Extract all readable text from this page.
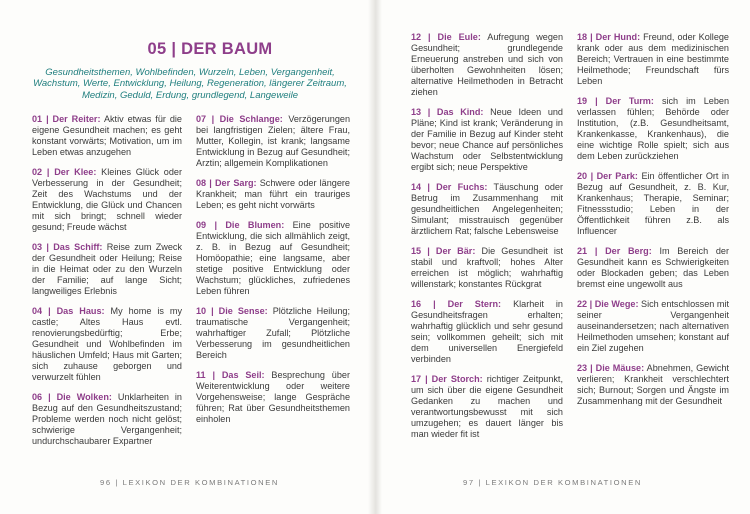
05 | DER BAUM

Gesundheitsthemen, Wohlbefinden, Wurzeln, Leben, Vergangenheit, Wachstum, Werte, Entwicklung, Heilung, Regeneration, längerer Zeitraum, Medizin, Geduld, Erdung, grundlegend, Langeweile

01 | Der Reiter: Aktiv etwas für die eigene Gesundheit machen; es geht konstant vorwärts; Motivation, um im Leben etwas anzugehen

02 | Der Klee: Kleines Glück oder Verbesserung in der Gesundheit; Zeit des Wachstums und der Entwicklung, die Glück und Chancen mit sich bringt; schnell wieder gesund; Freude wächst

03 | Das Schiff: Reise zum Zweck der Gesundheit oder Heilung; Reise in die Heimat oder zu den Wurzeln der Familie; auf lange Sicht; langweiliges Erlebnis

04 | Das Haus: My home is my castle; Altes Haus evtl. renovierungsbedürftig; Erbe; Gesundheit und Wohlbefinden im häuslichen Umfeld; Haus mit Garten; sich zuhause geborgen und verwurzelt fühlen

06 | Die Wolken: Unklarheiten in Bezug auf den Gesundheitszustand; Probleme werden noch nicht gelöst; schwierige Vergangenheit; undurchschaubarer Expartner

07 | Die Schlange: Verzögerungen bei langfristigen Zielen; ältere Frau, Mutter, Kollegin, ist krank; langsame Entwicklung in Bezug auf Gesundheit; Arztin; allgemein Komplikationen

08 | Der Sarg: Schwere oder längere Krankheit; man führt ein trauriges Leben; es geht nicht vorwärts

09 | Die Blumen: Eine positive Entwicklung, die sich allmählich zeigt, z. B. in Bezug auf Gesundheit; Homöopathie; eine langsame, aber stetige positive Entwicklung oder Wachstum; glückliches, zufriedenes Leben führen

10 | Die Sense: Plötzliche Heilung; traumatische Vergangenheit; wahrhaftiger Zufall; Plötzliche Verbesserung im gesundheitlichen Bereich

11 | Das Seil: Besprechung über Weiterentwicklung oder weitere Vorgehensweise; lange Gespräche führen; Rat über Gesundheitsthemen einholen

12 | Die Eule: Aufregung wegen Gesundheit; grundlegende Erneuerung anstreben und sich von überholten Gewohnheiten lösen; alternative Heilmethoden in Betracht ziehen

13 | Das Kind: Neue Ideen und Pläne; Kind ist krank; Veränderung in der Familie in Bezug auf Kinder steht bevor; neue Chance auf persönliches Wachstum oder Selbstentwicklung ergibt sich; neue Perspektive

14 | Der Fuchs: Täuschung oder Betrug im Zusammenhang mit gesundheitlichen Angelegenheiten; Simulant; misstrauisch gegenüber ärztlichem Rat; falsche Lebensweise

15 | Der Bär: Die Gesundheit ist stabil und kraftvoll; hohes Alter erreichen ist möglich; wahrhaftig willenstark; konstantes Rückgrat

16 | Der Stern: Klarheit in Gesundheitsfragen erhalten; wahrhaftig glücklich und sehr gesund sein; vollkommen geheilt; sich mit dem universellen Energiefeld verbinden

17 | Der Storch: richtiger Zeitpunkt, um sich über die eigene Gesundheit Gedanken zu machen und verantwortungsbewusst mit sich umzugehen; es dauert länger bis man wieder fit ist

18 | Der Hund: Freund, oder Kollege krank oder aus dem medizinischen Bereich; Vertrauen in eine bestimmte Heilmethode; Freundschaft fürs Leben

19 | Der Turm: sich im Leben verlassen fühlen; Behörde oder Institution, (z.B. Gesundheitsamt, Krankenkasse, Krankenhaus), die eine wichtige Rolle spielt; sich aus dem Leben zurückziehen

20 | Der Park: Ein öffentlicher Ort in Bezug auf Gesundheit, z. B. Kur, Krankenhaus; Therapie, Seminar; Fitnessstudio; Leben in der Öffentlichkeit führen z.B. als Influencer

21 | Der Berg: Im Bereich der Gesundheit kann es Schwierigkeiten oder Blockaden geben; das Leben bremst eine ungewollt aus

22 | Die Wege: Sich entschlossen mit seiner Vergangenheit auseinandersetzen; nach alternativen Heilmethoden umsehen; konstant auf ein Ziel zugehen

23 | Die Mäuse: Abnehmen, Gewicht verlieren; Krankheit verschlechtert sich; Burnout; Sorgen und Ängste im Zusammenhang mit der Gesundheit

96 | LEXIKON DER KOMBINATIONEN	97 | LEXIKON DER KOMBINATIONEN
